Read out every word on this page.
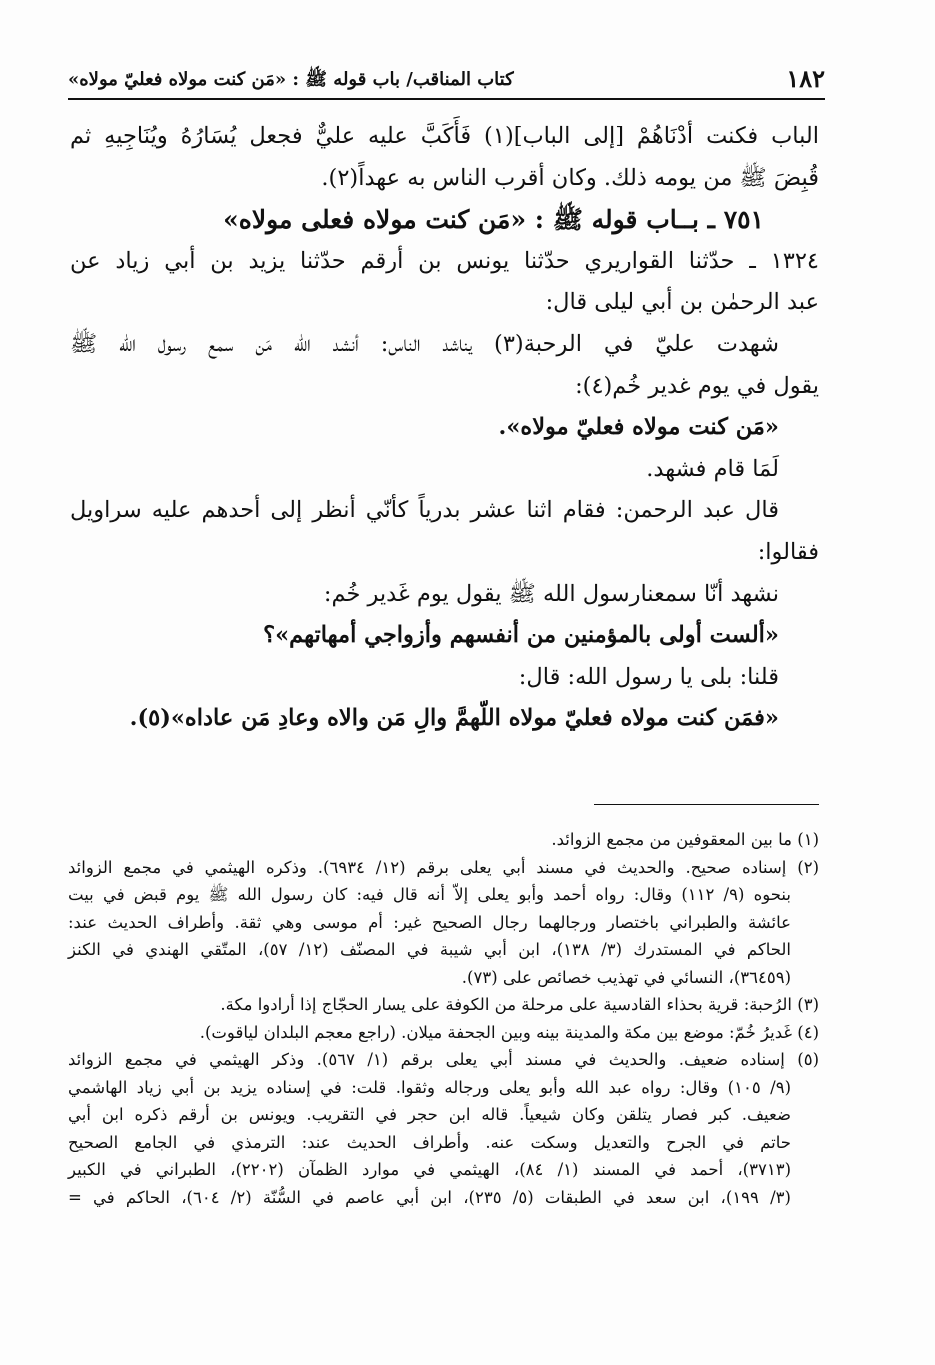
١٨٢
كتاب المناقب/ باب قوله ﷺ : «مَن كنت مولاه فعليّ مولاه»
الباب فكنت أدْنَاهُمْ [إلى الباب](١) فَأَكَبَّ عليه عليٌّ فجعل يُسَارُهُ ويُنَاجِيهِ ثم
قُبِضَ ﷺ من يومه ذلك. وكان أقرب الناس به عهداً(٢).
٧٥١ ـ بــاب قوله ﷺ : «مَن كنت مولاه فعلى مولاه»
١٣٢٤ ـ حدّثنا القواريري حدّثنا يونس بن أرقم حدّثنا يزيد بن أبي زياد عن
عبد الرحمٰن بن أبي ليلى قال:
شهدت عليّ في الرحبة(٣) يناشد الناس: أنشد الله مَن سمع رسول الله ﷺ
يقول في يوم غدير خُم(٤):
«مَن كنت مولاه فعليّ مولاه».
لَمَا قام فشهد.
قال عبد الرحمن: فقام اثنا عشر بدرياً كأنّي أنظر إلى أحدهم عليه سراويل
فقالوا:
نشهد أنّا سمعنارسول الله ﷺ يقول يوم غَدير خُم:
«ألست أولى بالمؤمنين من أنفسهم وأزواجي أمهاتهم»؟
قلنا: بلى يا رسول الله: قال:
«فمَن كنت مولاه فعليّ مولاه اللّهمَّ والِ مَن والاه وعادِ مَن عاداه»(٥).
(١) ما بين المعقوفين من مجمع الزوائد.
(٢) إسناده صحيح. والحديث في مسند أبي يعلى برقم (١٢/ ٦٩٣٤). وذكره الهيثمي في مجمع الزوائد
بنحوه (٩/ ١١٢) وقال: رواه أحمد وأبو يعلى إلاّ أنه قال فيه: كان رسول الله ﷺ يوم قبض في بيت
عائشة والطبراني باختصار ورجالهما رجال الصحيح غير: أم موسى وهي ثقة. وأطراف الحديث عند:
الحاكم في المستدرك (٣/ ١٣٨)، ابن أبي شيبة في المصنّف (١٢/ ٥٧)، المتّقي الهندي في الكنز
(٣٦٤٥٩)، النسائي في تهذيب خصائص على (٧٣).
(٣) الرُحبة: قرية بحذاء القادسية على مرحلة من الكوفة على يسار الحجّاج إذا أرادوا مكة.
(٤) غَديرُ خُمّ: موضع بين مكة والمدينة بينه وبين الجحفة ميلان. (راجع معجم البلدان لياقوت).
(٥) إسناده ضعيف. والحديث في مسند أبي يعلى برقم (١/ ٥٦٧). وذكر الهيثمي في مجمع الزوائد
(٩/ ١٠٥) وقال: رواه عبد الله وأبو يعلى ورجاله وثقوا. قلت: في إسناده يزيد بن أبي زياد الهاشمي
ضعيف. كبر فصار يتلقن وكان شيعياً. قاله ابن حجر في التقريب. ويونس بن أرقم ذكره ابن أبي
حاتم في الجرح والتعديل وسكت عنه. وأطراف الحديث عند: الترمذي في الجامع الصحيح
(٣٧١٣)، أحمد في المسند (١/ ٨٤)، الهيثمي في موارد الظمآن (٢٢٠٢)، الطبراني في الكبير
(٣/ ١٩٩)، ابن سعد في الطبقات (٥/ ٢٣٥)، ابن أبي عاصم في السُّنّة (٢/ ٦٠٤)، الحاكم في =
